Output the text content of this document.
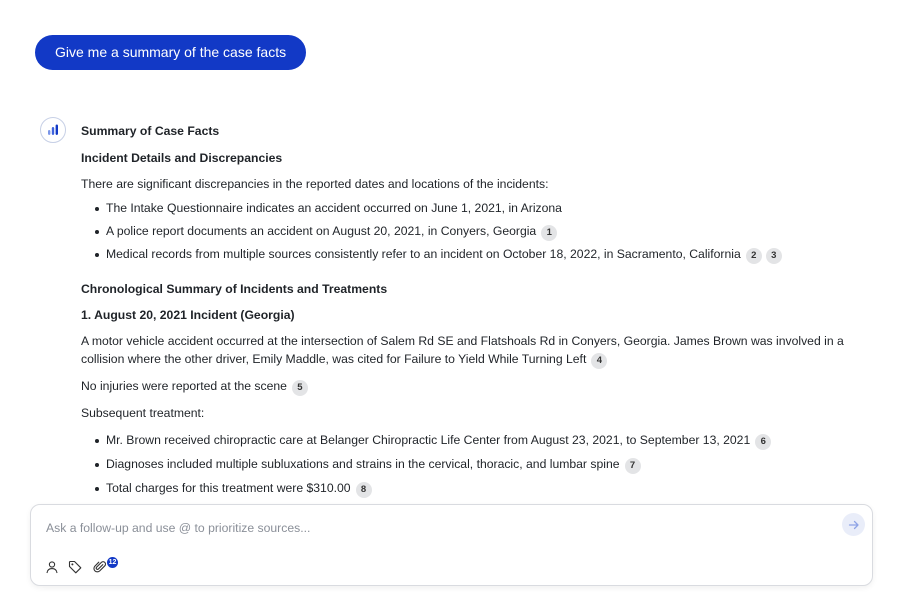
Give me a summary of the case facts

Summary of Case Facts

Incident Details and Discrepancies

There are significant discrepancies in the reported dates and locations of the incidents:

The Intake Questionnaire indicates an accident occurred on June 1, 2021, in Arizona
A police report documents an accident on August 20, 2021, in Conyers, Georgia 1
Medical records from multiple sources consistently refer to an incident on October 18, 2022, in Sacramento, California 2 3

Chronological Summary of Incidents and Treatments

1. August 20, 2021 Incident (Georgia)

A motor vehicle accident occurred at the intersection of Salem Rd SE and Flatshoals Rd in Conyers, Georgia. James Brown was involved in a collision where the other driver, Emily Maddle, was cited for Failure to Yield While Turning Left 4

No injuries were reported at the scene 5

Subsequent treatment:

Mr. Brown received chiropractic care at Belanger Chiropractic Life Center from August 23, 2021, to September 13, 2021 6
Diagnoses included multiple subluxations and strains in the cervical, thoracic, and lumbar spine 7
Total charges for this treatment were $310.00 8
Ask a follow-up and use @ to prioritize sources...
12
